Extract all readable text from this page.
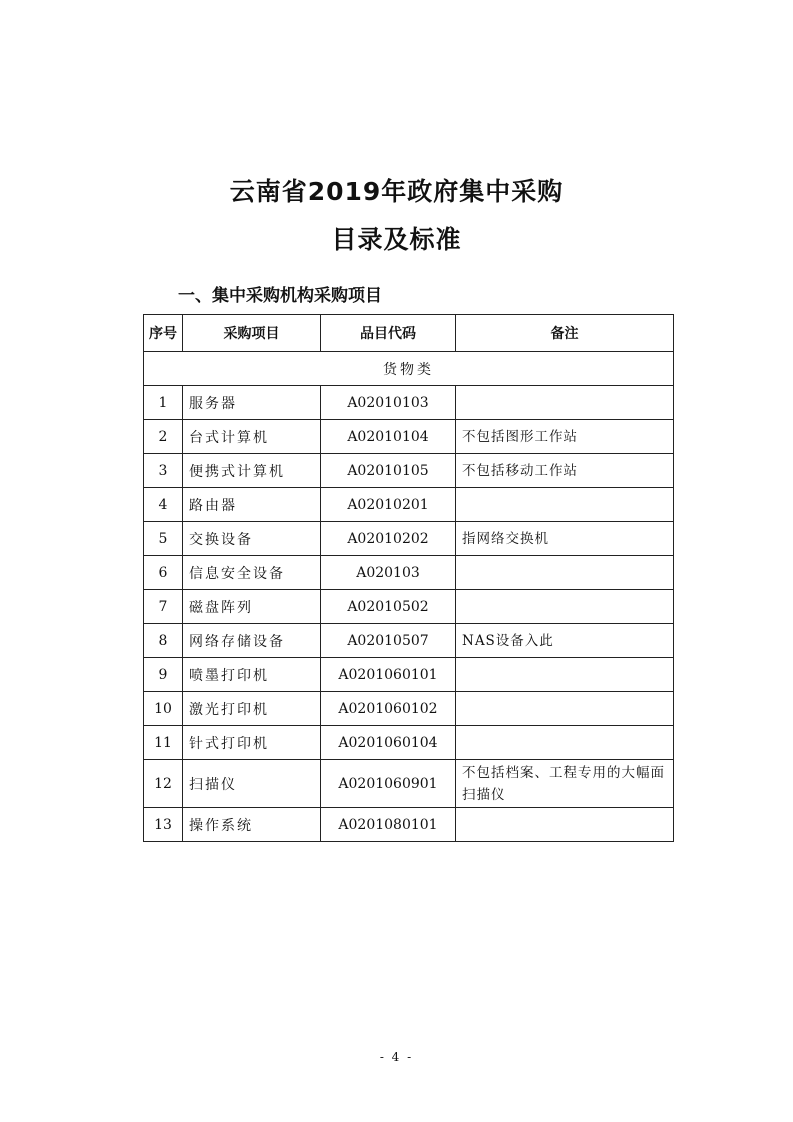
云南省2019年政府集中采购
目录及标准
一、集中采购机构采购项目
序号	采购项目	品目代码	备注
货物类			
1	服务器	A02010103	
2	台式计算机	A02010104	不包括图形工作站
3	便携式计算机	A02010105	不包括移动工作站
4	路由器	A02010201	
5	交换设备	A02010202	指网络交换机
6	信息安全设备	A020103	
7	磁盘阵列	A02010502	
8	网络存储设备	A02010507	NAS设备入此
9	喷墨打印机	A0201060101	
10	激光打印机	A0201060102	
11	针式打印机	A0201060104	
12	扫描仪	A0201060901	不包括档案、工程专用的大幅面扫描仪
13	操作系统	A0201080101	
- 4 -
